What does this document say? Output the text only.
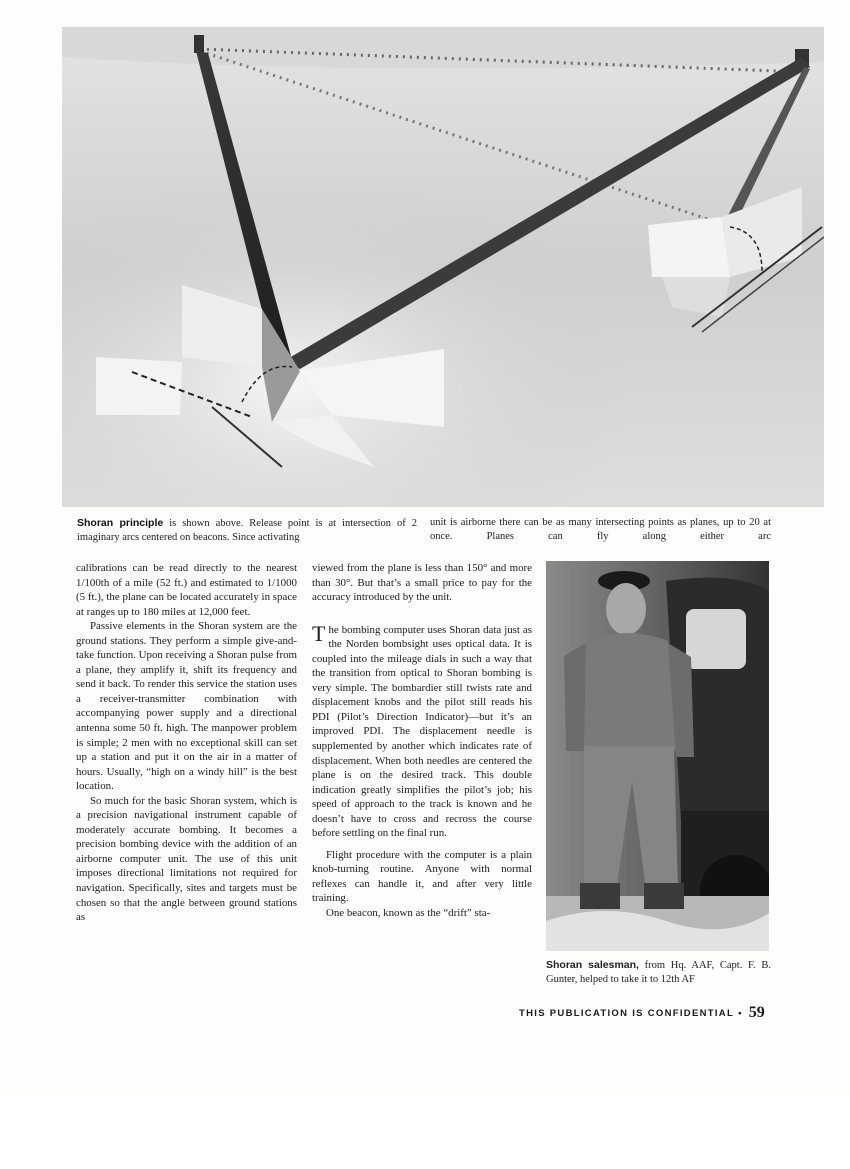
Shoran principle is shown above. Release point is at intersection of 2 imaginary arcs centered on beacons. Since activating
unit is airborne there can be as many intersecting points as planes, up to 20 at once. Planes can fly along either arc

calibrations can be read directly to the nearest 1/100th of a mile (52 ft.) and estimated to 1/1000 (5 ft.), the plane can be located accurately in space at ranges up to 180 miles at 12,000 feet.

Passive elements in the Shoran system are the ground stations. They perform a simple give-and-take function. Upon receiving a Shoran pulse from a plane, they amplify it, shift its frequency and send it back. To render this service the station uses a receiver-transmitter combination with accompanying power supply and a directional antenna some 50 ft. high. The manpower problem is simple; 2 men with no exceptional skill can set up a station and put it on the air in a matter of hours. Usually, “high on a windy hill” is the best location.

So much for the basic Shoran system, which is a precision navigational instrument capable of moderately accurate bombing. It becomes a precision bombing device with the addition of an airborne computer unit. The use of this unit imposes directional limitations not required for navigation. Specifically, sites and targets must be chosen so that the angle between ground stations as

viewed from the plane is less than 150° and more than 30°. But that’s a small price to pay for the accuracy introduced by the unit.

The bombing computer uses Shoran data just as the Norden bombsight uses optical data. It is coupled into the mileage dials in such a way that the transition from optical to Shoran bombing is very simple. The bombardier still twists rate and displacement knobs and the pilot still reads his PDI (Pilot’s Direction Indicator)—but it’s an improved PDI. The displacement needle is supplemented by another which indicates rate of displacement. When both needles are centered the plane is on the desired track. This double indication greatly simplifies the pilot’s job; his speed of approach to the track is known and he doesn’t have to cross and recross the course before settling on the final run.

Flight procedure with the computer is a plain knob-turning routine. Anyone with normal reflexes can handle it, and after very little training.

One beacon, known as the “drift” sta-

Shoran salesman, from Hq. AAF, Capt. F. B. Gunter, helped to take it to 12th AF
THIS PUBLICATION IS CONFIDENTIAL • 59
